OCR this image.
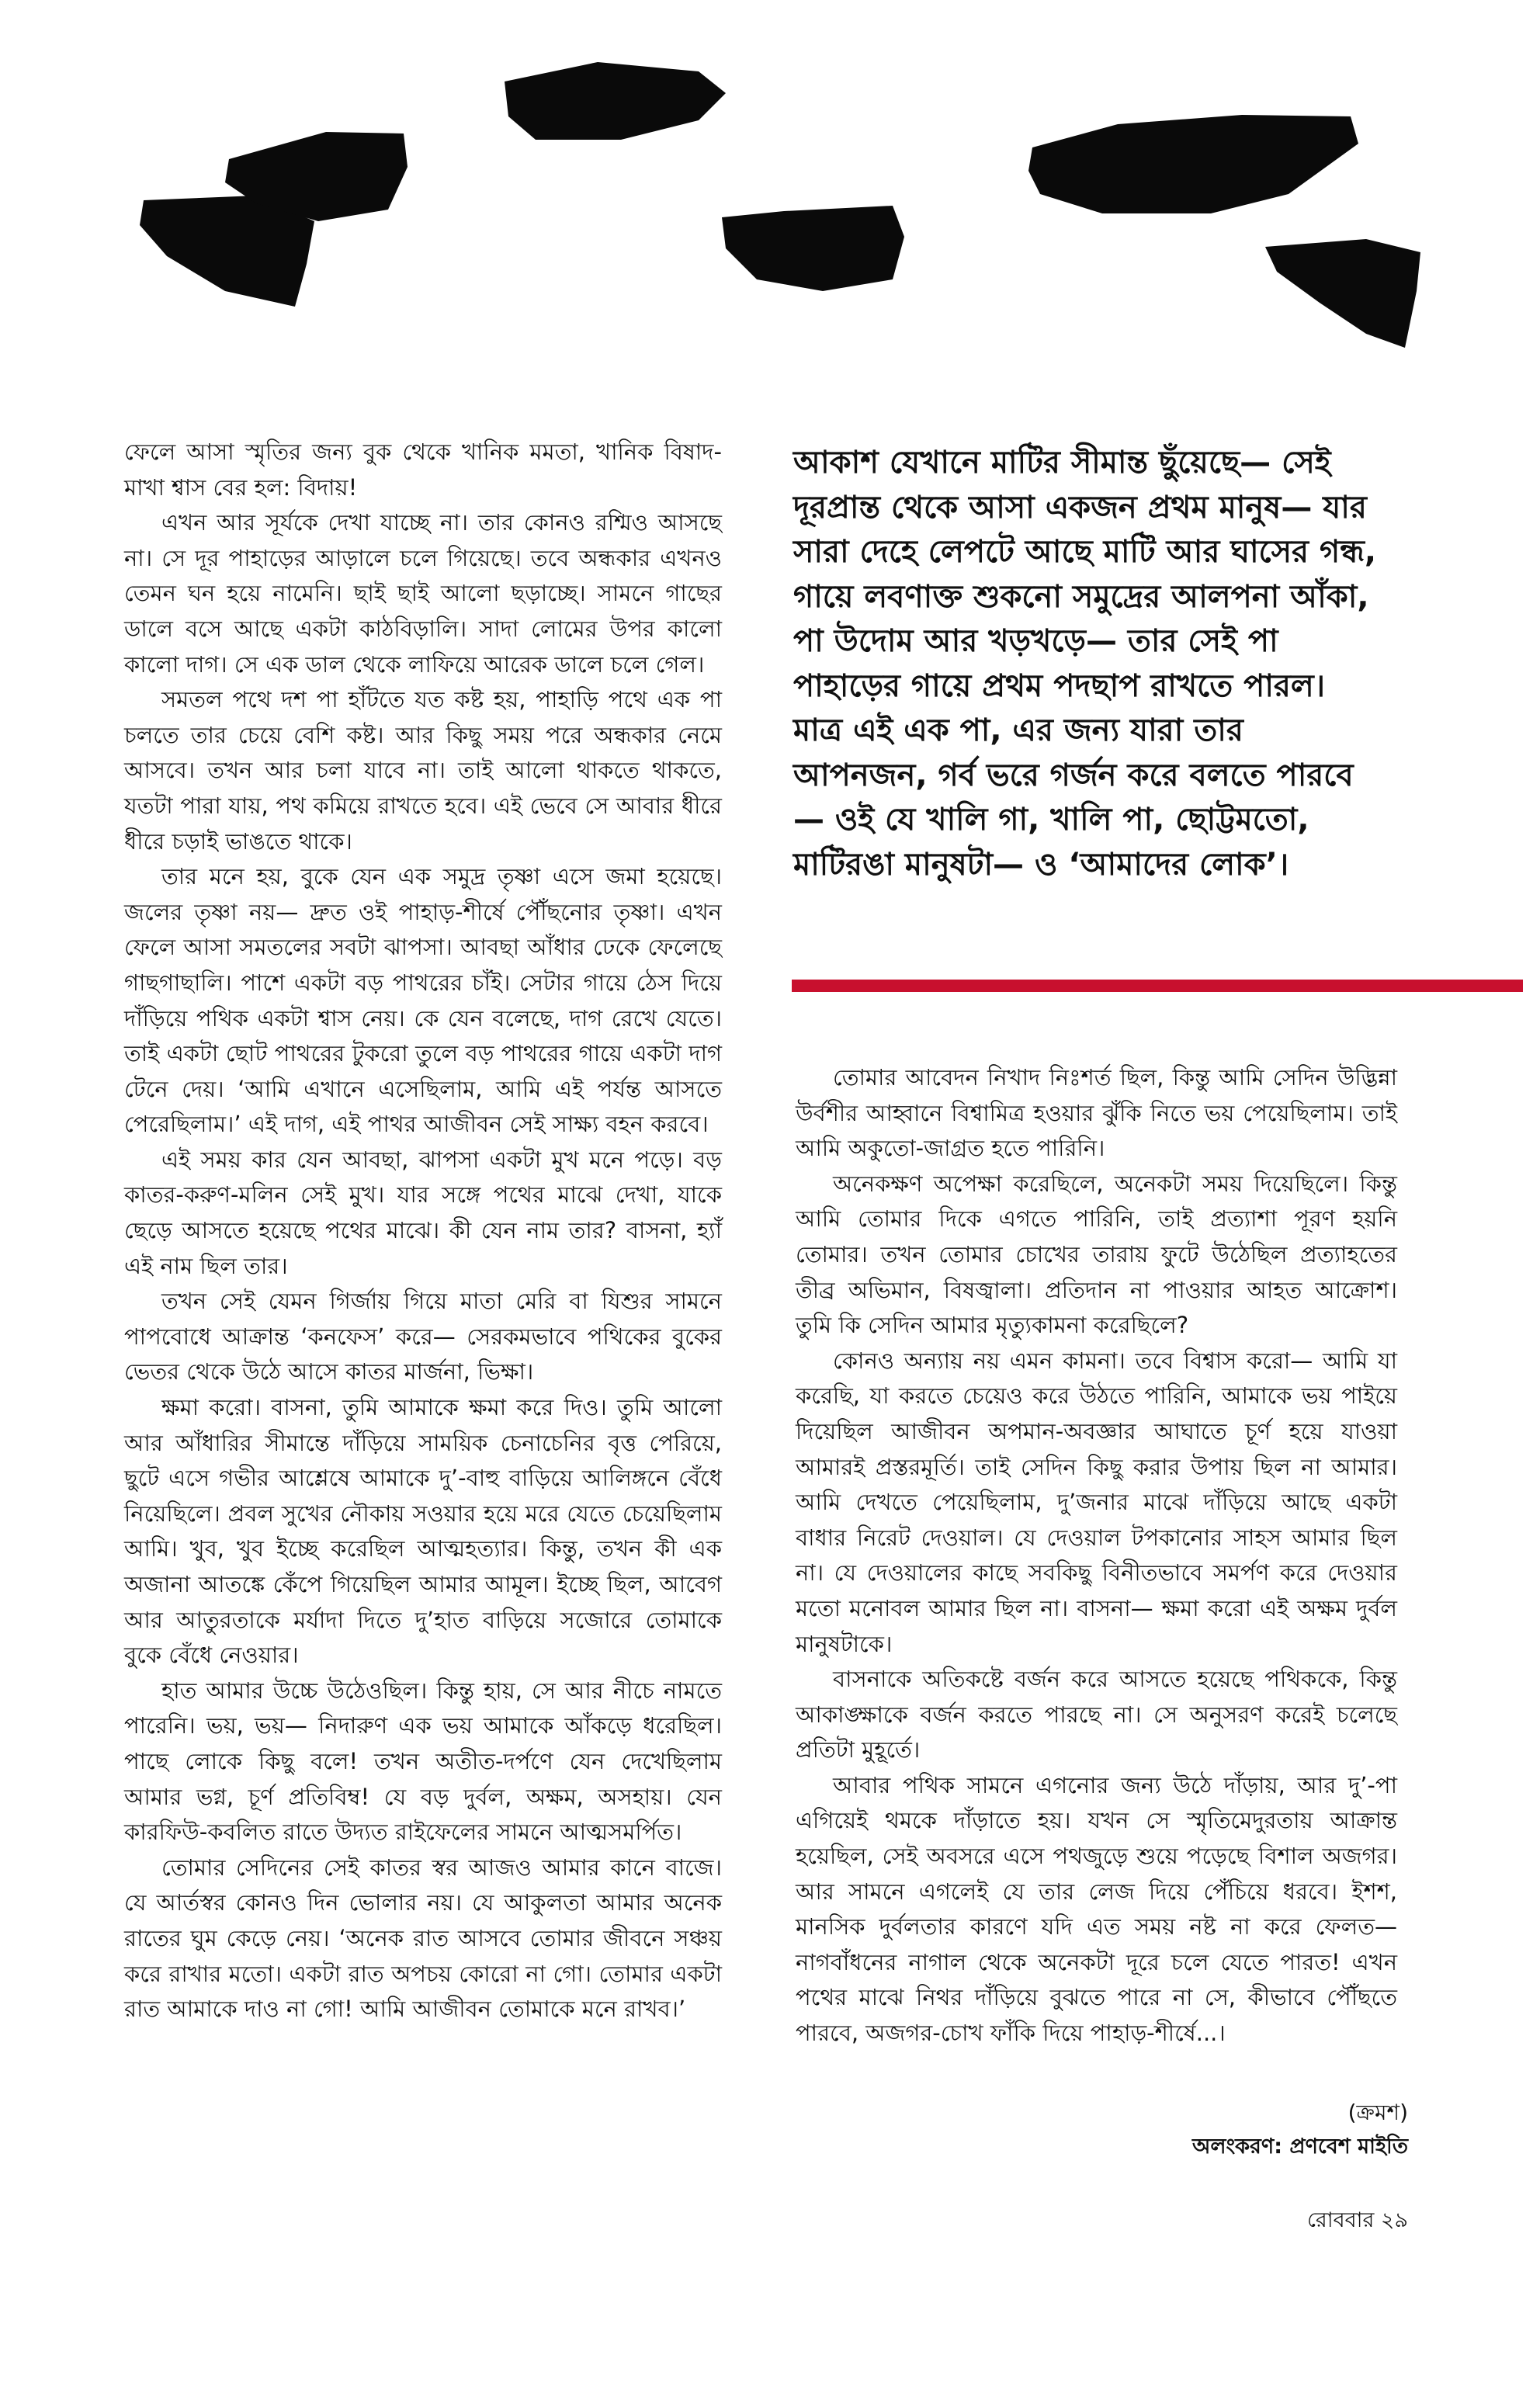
ফেলে আসা স্মৃতির জন্য বুক থেকে খানিক মমতা, খানিক বিষাদ-মাখা শ্বাস বের হল: বিদায়!

এখন আর সূর্যকে দেখা যাচ্ছে না। তার কোনও রশ্মিও আসছে না। সে দূর পাহাড়ের আড়ালে চলে গিয়েছে। তবে অন্ধকার এখনও তেমন ঘন হয়ে নামেনি। ছাই ছাই আলো ছড়াচ্ছে। সামনে গাছের ডালে বসে আছে একটা কাঠবিড়ালি। সাদা লোমের উপর কালো কালো দাগ। সে এক ডাল থেকে লাফিয়ে আরেক ডালে চলে গেল।

সমতল পথে দশ পা হাঁটতে যত কষ্ট হয়, পাহাড়ি পথে এক পা চলতে তার চেয়ে বেশি কষ্ট। আর কিছু সময় পরে অন্ধকার নেমে আসবে। তখন আর চলা যাবে না। তাই আলো থাকতে থাকতে, যতটা পারা যায়, পথ কমিয়ে রাখতে হবে। এই ভেবে সে আবার ধীরে ধীরে চড়াই ভাঙতে থাকে।

তার মনে হয়, বুকে যেন এক সমুদ্র তৃষ্ণা এসে জমা হয়েছে। জলের তৃষ্ণা নয়— দ্রুত ওই পাহাড়-শীর্ষে পৌঁছনোর তৃষ্ণা। এখন ফেলে আসা সমতলের সবটা ঝাপসা। আবছা আঁধার ঢেকে ফেলেছে গাছগাছালি। পাশে একটা বড় পাথরের চাঁই। সেটার গায়ে ঠেস দিয়ে দাঁড়িয়ে পথিক একটা শ্বাস নেয়। কে যেন বলেছে, দাগ রেখে যেতে। তাই একটা ছোট পাথরের টুকরো তুলে বড় পাথরের গায়ে একটা দাগ টেনে দেয়। ‘আমি এখানে এসেছিলাম, আমি এই পর্যন্ত আসতে পেরেছিলাম।’ এই দাগ, এই পাথর আজীবন সেই সাক্ষ্য বহন করবে।

এই সময় কার যেন আবছা, ঝাপসা একটা মুখ মনে পড়ে। বড় কাতর-করুণ-মলিন সেই মুখ। যার সঙ্গে পথের মাঝে দেখা, যাকে ছেড়ে আসতে হয়েছে পথের মাঝে। কী যেন নাম তার? বাসনা, হ্যাঁ এই নাম ছিল তার।

তখন সেই যেমন গির্জায় গিয়ে মাতা মেরি বা যিশুর সামনে পাপবোধে আক্রান্ত ‘কনফেস’ করে— সেরকমভাবে পথিকের বুকের ভেতর থেকে উঠে আসে কাতর মার্জনা, ভিক্ষা।

ক্ষমা করো। বাসনা, তুমি আমাকে ক্ষমা করে দিও। তুমি আলো আর আঁধারির সীমান্তে দাঁড়িয়ে সাময়িক চেনাচেনির বৃত্ত পেরিয়ে, ছুটে এসে গভীর আশ্লেষে আমাকে দু’-বাহু বাড়িয়ে আলিঙ্গনে বেঁধে নিয়েছিলে। প্রবল সুখের নৌকায় সওয়ার হয়ে মরে যেতে চেয়েছিলাম আমি। খুব, খুব ইচ্ছে করেছিল আত্মহত্যার। কিন্তু, তখন কী এক অজানা আতঙ্কে কেঁপে গিয়েছিল আমার আমূল। ইচ্ছে ছিল, আবেগ আর আতুরতাকে মর্যাদা দিতে দু’হাত বাড়িয়ে সজোরে তোমাকে বুকে বেঁধে নেওয়ার।

হাত আমার উচ্চে উঠেওছিল। কিন্তু হায়, সে আর নীচে নামতে পারেনি। ভয়, ভয়— নিদারুণ এক ভয় আমাকে আঁকড়ে ধরেছিল। পাছে লোকে কিছু বলে! তখন অতীত-দর্পণে যেন দেখেছিলাম আমার ভগ্ন, চূর্ণ প্রতিবিম্ব! যে বড় দুর্বল, অক্ষম, অসহায়। যেন কারফিউ-কবলিত রাতে উদ্যত রাইফেলের সামনে আত্মসমর্পিত।

তোমার সেদিনের সেই কাতর স্বর আজও আমার কানে বাজে। যে আর্তস্বর কোনও দিন ভোলার নয়। যে আকুলতা আমার অনেক রাতের ঘুম কেড়ে নেয়। ‘অনেক রাত আসবে তোমার জীবনে সঞ্চয় করে রাখার মতো। একটা রাত অপচয় কোরো না গো। তোমার একটা রাত আমাকে দাও না গো! আমি আজীবন তোমাকে মনে রাখব।’

আকাশ যেখানে মাটির সীমান্ত ছুঁয়েছে— সেই দূরপ্রান্ত থেকে আসা একজন প্রথম মানুষ— যার সারা দেহে লেপটে আছে মাটি আর ঘাসের গন্ধ, গায়ে লবণাক্ত শুকনো সমুদ্রের আলপনা আঁকা, পা উদোম আর খড়খড়ে— তার সেই পা পাহাড়ের গায়ে প্রথম পদছাপ রাখতে পারল। মাত্র এই এক পা, এর জন্য যারা তার আপনজন, গর্ব ভরে গর্জন করে বলতে পারবে— ওই যে খালি গা, খালি পা, ছোট্টমতো, মাটিরঙা মানুষটা— ও ‘আমাদের লোক’।

তোমার আবেদন নিখাদ নিঃশর্ত ছিল, কিন্তু আমি সেদিন উদ্ভিন্না উর্বশীর আহ্বানে বিশ্বামিত্র হওয়ার ঝুঁকি নিতে ভয় পেয়েছিলাম। তাই আমি অকুতো-জাগ্রত হতে পারিনি।

অনেকক্ষণ অপেক্ষা করেছিলে, অনেকটা সময় দিয়েছিলে। কিন্তু আমি তোমার দিকে এগতে পারিনি, তাই প্রত্যাশা পূরণ হয়নি তোমার। তখন তোমার চোখের তারায় ফুটে উঠেছিল প্রত্যাহতের তীব্র অভিমান, বিষজ্বালা। প্রতিদান না পাওয়ার আহত আক্রোশ। তুমি কি সেদিন আমার মৃত্যুকামনা করেছিলে?

কোনও অন্যায় নয় এমন কামনা। তবে বিশ্বাস করো— আমি যা করেছি, যা করতে চেয়েও করে উঠতে পারিনি, আমাকে ভয় পাইয়ে দিয়েছিল আজীবন অপমান-অবজ্ঞার আঘাতে চূর্ণ হয়ে যাওয়া আমারই প্রস্তরমূর্তি। তাই সেদিন কিছু করার উপায় ছিল না আমার। আমি দেখতে পেয়েছিলাম, দু’জনার মাঝে দাঁড়িয়ে আছে একটা বাধার নিরেট দেওয়াল। যে দেওয়াল টপকানোর সাহস আমার ছিল না। যে দেওয়ালের কাছে সবকিছু বিনীতভাবে সমর্পণ করে দেওয়ার মতো মনোবল আমার ছিল না। বাসনা— ক্ষমা করো এই অক্ষম দুর্বল মানুষটাকে।

বাসনাকে অতিকষ্টে বর্জন করে আসতে হয়েছে পথিককে, কিন্তু আকাঙ্ক্ষাকে বর্জন করতে পারছে না। সে অনুসরণ করেই চলেছে প্রতিটা মুহূর্তে।

আবার পথিক সামনে এগনোর জন্য উঠে দাঁড়ায়, আর দু’-পা এগিয়েই থমকে দাঁড়াতে হয়। যখন সে স্মৃতিমেদুরতায় আক্রান্ত হয়েছিল, সেই অবসরে এসে পথজুড়ে শুয়ে পড়েছে বিশাল অজগর। আর সামনে এগলেই যে তার লেজ দিয়ে পেঁচিয়ে ধরবে। ইশশ, মানসিক দুর্বলতার কারণে যদি এত সময় নষ্ট না করে ফেলত— নাগবাঁধনের নাগাল থেকে অনেকটা দূরে চলে যেতে পারত! এখন পথের মাঝে নিথর দাঁড়িয়ে বুঝতে পারে না সে, কীভাবে পৌঁছতে পারবে, অজগর-চোখ ফাঁকি দিয়ে পাহাড়-শীর্ষে...।

(ক্রমশ)
অলংকরণ: প্রণবেশ মাইতি
রোববার ২৯
